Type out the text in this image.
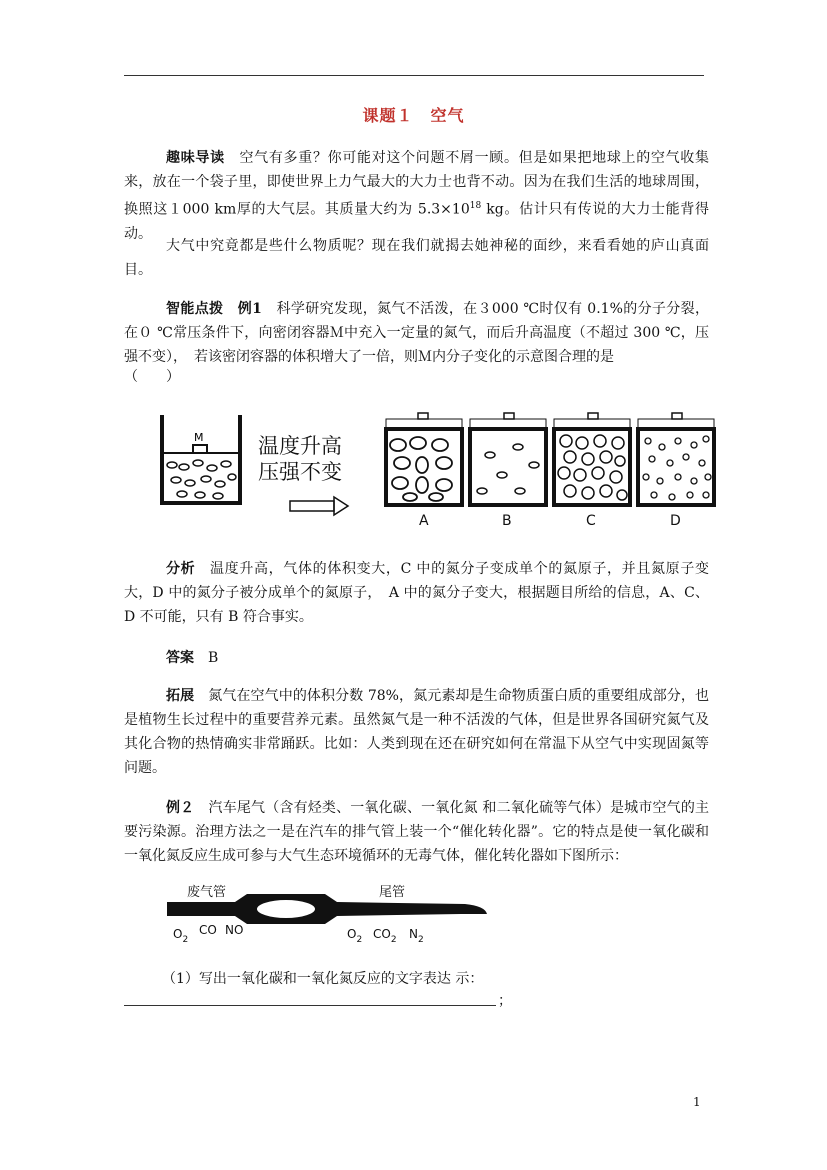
课题１　空气
趣味导读 空气有多重？你可能对这个问题不屑一顾。但是如果把地球上的空气收集来，放在一个袋子里，即使世界上力气最大的大力士也背不动。因为在我们生活的地球周围，换照这１000 km厚的大气层。其质量大约为 $5.3\times 10^{18}$ kg。估计只有传说的大力士能背得动。
大气中究竟都是些什么物质呢？现在我们就揭去她神秘的面纱，来看看她的庐山真面目。
智能点拨　例1　科学研究发现，氮气不活泼，在３000 ℃时仅有 0.1%的分子分裂，在０ ℃常压条件下，向密闭容器Ｍ中充入一定量的氮气，而后升高温度（不超过 300 ℃，压强不变），　若该密闭容器的体积增大了一倍，则Ｍ内分子变化的示意图合理的是
（　　）
M	温度升高
压强不变
A	B	C	D
分析　温度升高，气体的体积变大，C 中的氮分子变成单个的氮原子，并且氮原子变大，D 中的氮分子被分成单个的氮原子，　A 中的氮分子变大，根据题目所给的信息，A、C、D 不可能，只有 B 符合事实。
答案　B
拓展　氮气在空气中的体积分数 78%，氮元素却是生命物质蛋白质的重要组成部分，也是植物生长过程中的重要营养元素。虽然氮气是一种不活泼的气体，但是世界各国研究氮气及其化合物的热情确实非常踊跃。比如：人类到现在还在研究如何在常温下从空气中实现固氮等问题。
例２　汽车尾气（含有烃类、一氧化碳、一氧化氮 和二氧化硫等气体）是城市空气的主要污染源。治理方法之一是在汽车的排气管上装一个“催化转化器”。它的特点是使一氧化碳和一氧化氮反应生成可参与大气生态环境循环的无毒气体，催化转化器如下图所示：
废气管	尾管
$O_2$
CO NO	$O_2$ $CO_2$ $N_2$
（1）写出一氧化碳和一氧化氮反应的文字表达 示：
；
1
